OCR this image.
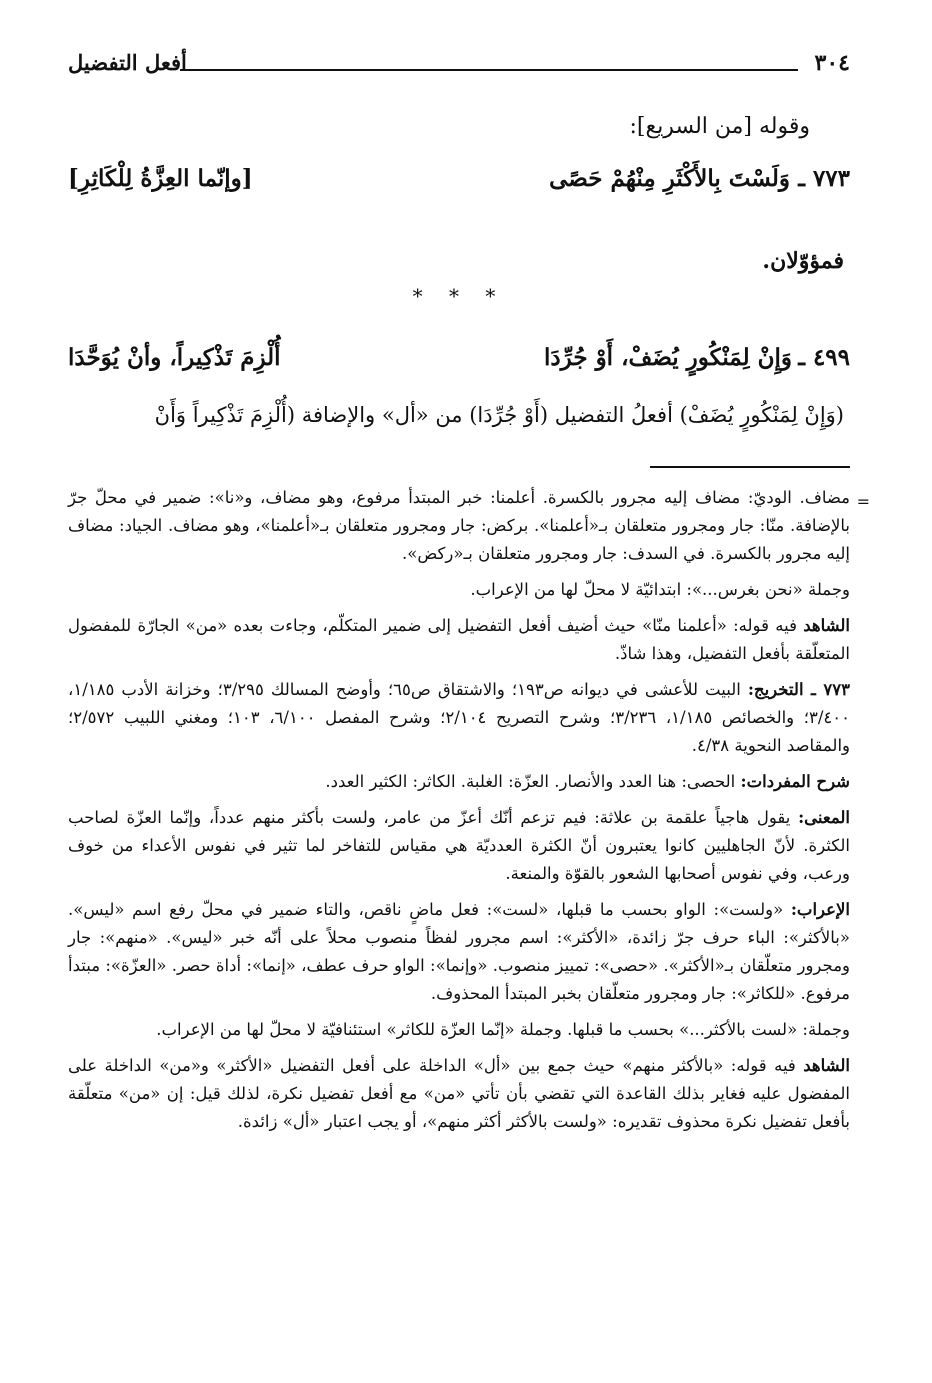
٣٠٤
أفعل التفضيل
وقوله [من السريع]:
٧٧٣ ـ
وَلَسْتَ بِالأَكْثَرِ مِنْهُمْ حَصًى
[وإنّما العِزَّةُ لِلْكَاثِرِ]
فمؤوّلان.
* * *
٤٩٩ ـ
وَإِنْ لِمَنْكُورٍ يُضَفْ، أَوْ جُرِّدَا
أُلْزِمَ تَذْكِيراً، وأنْ يُوَحَّدَا
(وَإِنْ لِمَنْكُورٍ يُضَفْ) أفعلُ التفضيل (أَوْ جُرِّدَا) من «أل» والإضافة (أُلْزِمَ تَذْكِيراً وَأَنْ
=

مضاف. الوديّ: مضاف إليه مجرور بالكسرة. أعلمنا: خبر المبتدأ مرفوع، وهو مضاف، و«نا»: ضمير في محلّ جرّ بالإضافة. منّا: جار ومجرور متعلقان بـ«أعلمنا». بركض: جار ومجرور متعلقان بـ«أعلمنا»، وهو مضاف. الجياد: مضاف إليه مجرور بالكسرة. في السدف: جار ومجرور متعلقان بـ«ركض».

وجملة «نحن بغرس...»: ابتدائيّة لا محلّ لها من الإعراب.

الشاهد فيه قوله: «أعلمنا منّا» حيث أضيف أفعل التفضيل إلى ضمير المتكلّم، وجاءت بعده «من» الجارّة للمفضول المتعلّقة بأفعل التفضيل، وهذا شاذّ.

٧٧٣ ـ التخريج: البيت للأعشى في ديوانه ص١٩٣؛ والاشتقاق ص٦٥؛ وأوضح المسالك ٣/٢٩٥؛ وخزانة الأدب ١/١٨٥، ٣/٤٠٠؛ والخصائص ١/١٨٥، ٣/٢٣٦؛ وشرح التصريح ٢/١٠٤؛ وشرح المفصل ٦/١٠٠، ١٠٣؛ ومغني اللبيب ٢/٥٧٢؛ والمقاصد النحوية ٤/٣٨.

شرح المفردات: الحصى: هنا العدد والأنصار. العزّة: الغلبة. الكاثر: الكثير العدد.

المعنى: يقول هاجياً علقمة بن علاثة: فيم تزعم أنّك أعزّ من عامر، ولست بأكثر منهم عدداً، وإنّما العزّة لصاحب الكثرة. لأنّ الجاهليين كانوا يعتبرون أنّ الكثرة العدديّة هي مقياس للتفاخر لما تثير في نفوس الأعداء من خوف ورعب، وفي نفوس أصحابها الشعور بالقوّة والمنعة.

الإعراب: «ولست»: الواو بحسب ما قبلها، «لست»: فعل ماضٍ ناقص، والتاء ضمير في محلّ رفع اسم «ليس». «بالأكثر»: الباء حرف جرّ زائدة، «الأكثر»: اسم مجرور لفظاً منصوب محلاً على أنّه خبر «ليس». «منهم»: جار ومجرور متعلّقان بـ«الأكثر». «حصى»: تمييز منصوب. «وإنما»: الواو حرف عطف، «إنما»: أداة حصر. «العزّة»: مبتدأ مرفوع. «للكاثر»: جار ومجرور متعلّقان بخبر المبتدأ المحذوف.

وجملة: «لست بالأكثر...» بحسب ما قبلها. وجملة «إنّما العزّة للكاثر» استئنافيّة لا محلّ لها من الإعراب.

الشاهد فيه قوله: «بالأكثر منهم» حيث جمع بين «أل» الداخلة على أفعل التفضيل «الأكثر» و«من» الداخلة على المفضول عليه فغاير بذلك القاعدة التي تقضي بأن تأتي «من» مع أفعل تفضيل نكرة، لذلك قيل: إن «من» متعلّقة بأفعل تفضيل نكرة محذوف تقديره: «ولست بالأكثر أكثر منهم»، أو يجب اعتبار «أل» زائدة.
